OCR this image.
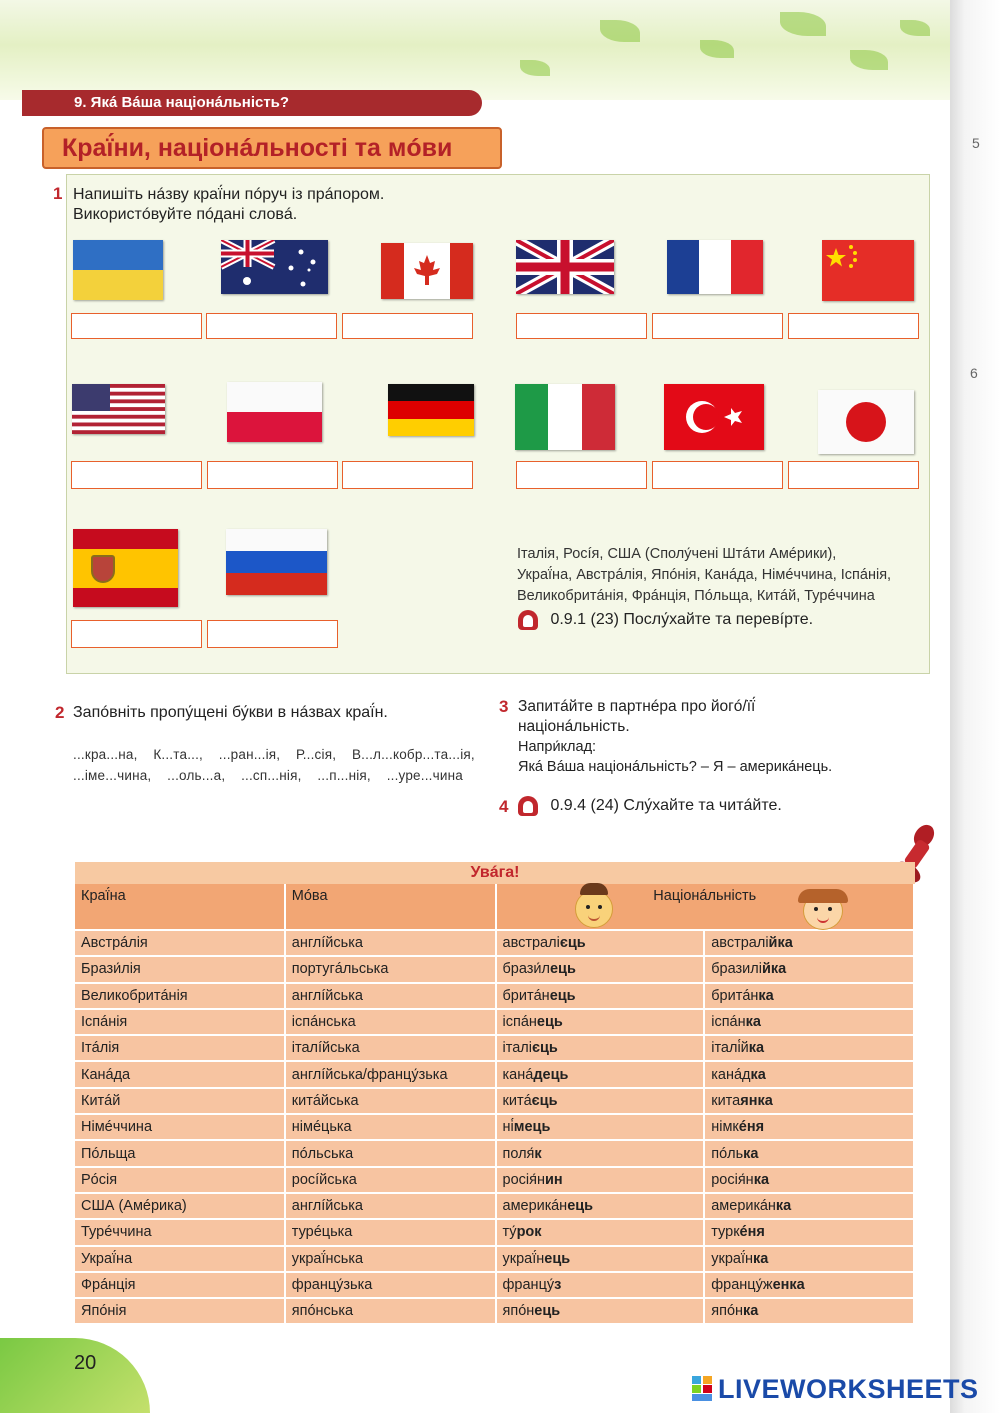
5
6
9. Якá Вáша націонáльність?
Краї́ни, націонáльності та мóви
1 Напишіть нáзву краї́ни пóруч із прáпором.
Використóвуйте пóдані словá.
Італія, Росíя, США (Сполу́чені Штáти Амéрики),
Украї́на, Австрáлія, Япóнія, Канáда, Німéччина, Іспáнія,
Великобритáнія, Фрáнція, Пóльща, Китáй, Турéччина
0.9.1 (23) Послу́хайте та перевíрте.
2 Запóвніть пропу́щені бу́кви в нáзвах краї́н.
...кра...на,    К...та...,    ...ран...ія,    Р...сія,    В...л...кобр...та...ія,
...іме...чина,    ...оль...а,    ...сп...нія,    ...п...нія,    ...уре...чина
3 Запитáйте в партнéра про йогó/її́
націонáльність.
Напри́клад:
Якá Вáша націонáльність? – Я – америкáнець.
4	0.9.4 (24) Слу́хайте та читáйте.
Увáга!
Краї́на	Мóва	Націонáльність	
Австрáлія	англíйська	австралієць	австралійка
Брази́лія	португáльська	брази́лець	бразилійка
Великобритáнія	англíйська	бритáнець	бритáнка
Іспáнія	іспáнська	іспáнець	іспáнка
Ітáлія	італíйська	італієць	італі́йка
Канáда	англíйська/францу́зька	канáдець	канáдка
Китáй	китáйська	китáєць	китаянка
Німéччина	німéцька	ні́мець	німкéня
Пóльща	пóльська	поля́к	пóлька
Рóсія	росíйська	росія́нин	росія́нка
США (Амéрика)	англíйська	америкáнець	америкáнка
Турéччина	турéцька	ту́рок	туркéня
Украї́на	украї́нська	украї́нець	украї́нка
Фрáнція	францу́зька	францу́з	францу́женка
Япóнія	япóнська	япóнець	япóнка
20
LIVEWORKSHEETS
